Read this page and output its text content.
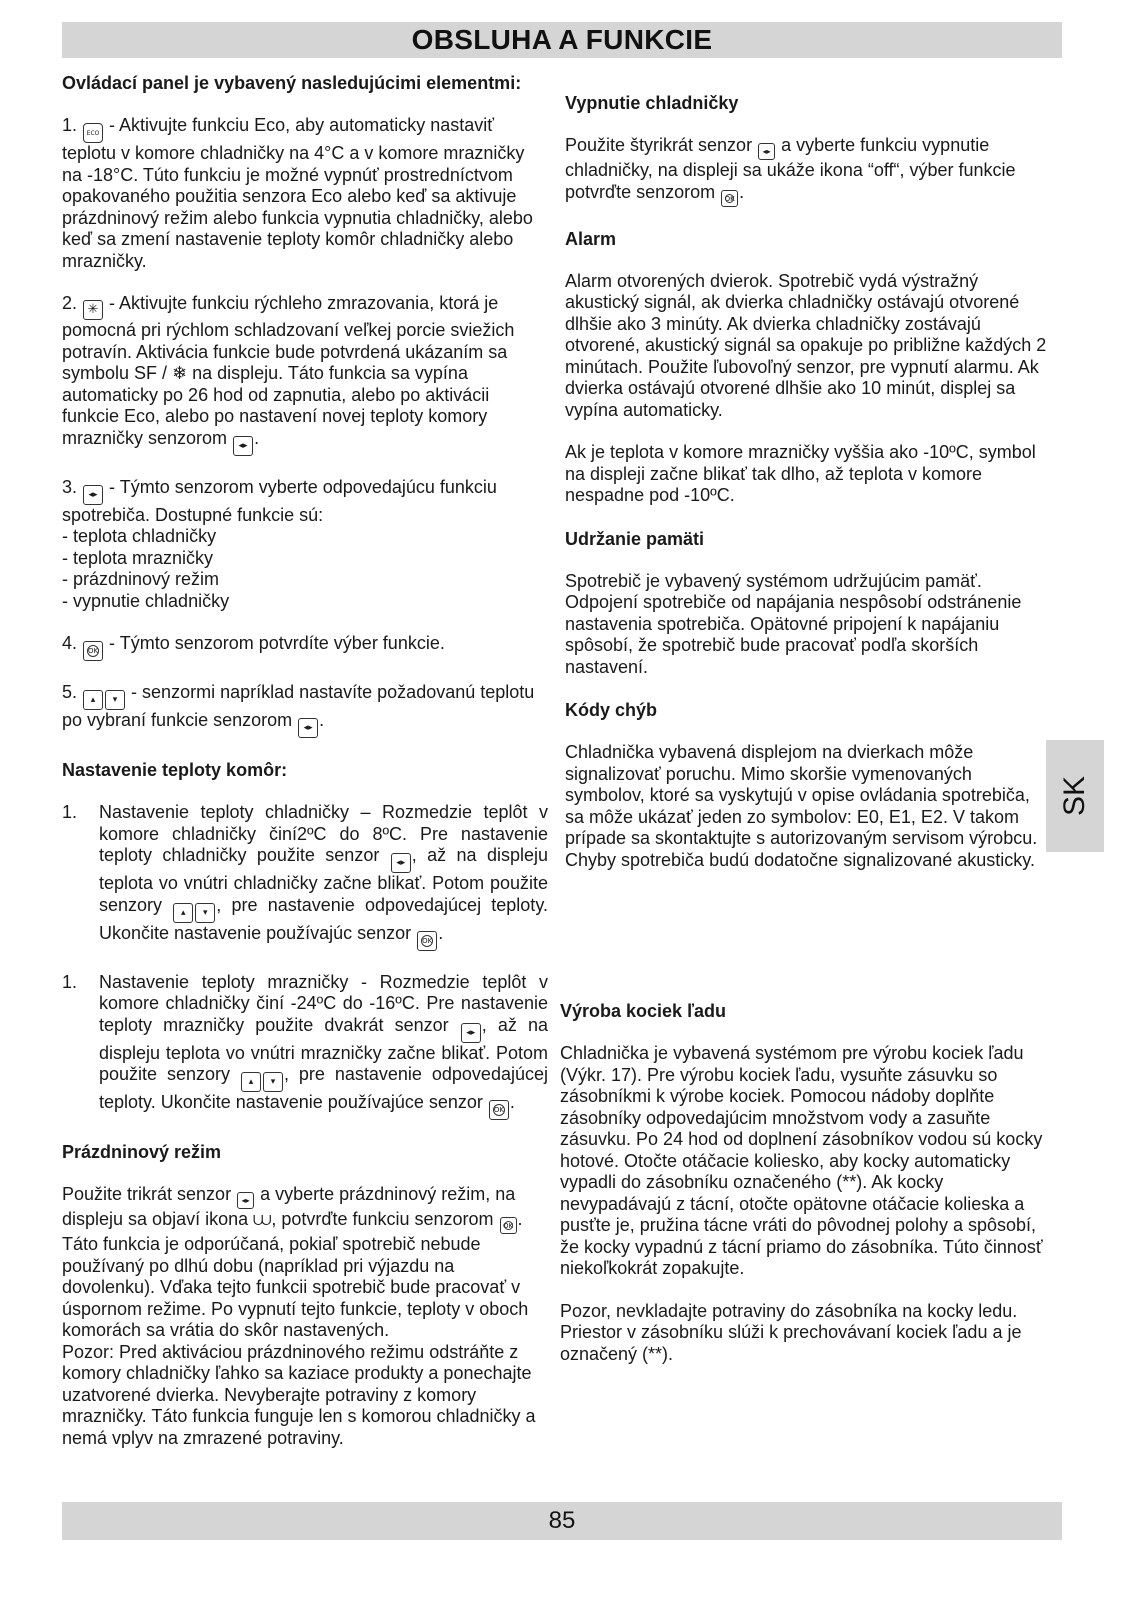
OBSLUHA A FUNKCIE
Ovládací panel je vybavený nasledujúcimi elementmi:

1. ECO - Aktivujte funkciu Eco, aby automaticky nastaviť teplotu v komore chladničky na 4°C a v komore mrazničky na -18°C. Túto funkciu je možné vypnúť prostredníctvom opakovaného použitia senzora Eco alebo keď sa aktivuje prázdninový režim alebo funkcia vypnutia chladničky, alebo keď sa zmení nastavenie teploty komôr chladničky alebo mrazničky.

2. ✳ - Aktivujte funkciu rýchleho zmrazovania, ktorá je pomocná pri rýchlom schladzovaní veľkej porcie sviežich potravín. Aktivácia funkcie bude potvrdená ukázaním sa symbolu SF / ❄ na displeju. Táto funkcia sa vypína automaticky po 26 hod od zapnutia, alebo po aktivácii funkcie Eco, alebo po nastavení novej teploty komory mrazničky senzorom ◂▸ .

3. ◂▸ - Týmto senzorom vyberte odpovedajúcu funkciu spotrebiča. Dostupné funkcie sú:

- teplota chladničky

- teplota mrazničky

- prázdninový režim

- vypnutie chladničky

4. OK - Týmto senzorom potvrdíte výber funkcie.

5. ▴ ▾ - senzormi napríklad nastavíte požadovanú teplotu po vybraní funkcie senzorom ◂▸ .

Nastavenie teploty komôr:
1.	Nastavenie teploty chladničky – Rozmedzie teplôt v komore chladničky činí2ºC do 8ºC. Pre nastavenie teploty chladničky použite senzor ◂▸ , až na displeju teplota vo vnútri chladničky začne blikať. Potom použite senzory ▴ ▾ , pre nastavenie odpovedajúcej teploty. Ukončite nastavenie používajúc senzor OK .

1.	Nastavenie teploty mrazničky - Rozmedzie teplôt v komore chladničky činí -24ºC do -16ºC. Pre nastavenie teploty mrazničky použite dvakrát senzor ◂▸ , až na displeju teplota vo vnútri mrazničky začne blikať. Potom použite senzory ▴ ▾ , pre nastavenie odpovedajúcej teploty. Ukončite nastavenie používajúce senzor OK .

Prázdninový režim

Použite trikrát senzor ◂▸ a vyberte prázdninový režim, na displeju sa objaví ikona ⩊, potvrďte funkciu senzorom OK . Táto funkcia je odporúčaná, pokiaľ spotrebič nebude používaný po dlhú dobu (napríklad pri výjazdu na dovolenku). Vďaka tejto funkcii spotrebič bude pracovať v úspornom režime. Po vypnutí tejto funkcie, teploty v oboch komorách sa vrátia do skôr nastavených.

Pozor: Pred aktiváciou prázdninového režimu odstráňte z komory chladničky ľahko sa kaziace produkty a ponechajte uzatvorené dvierka. Nevyberajte potraviny z komory mrazničky. Táto funkcia funguje len s komorou chladničky a nemá vplyv na zmrazené potraviny.

Vypnutie chladničky

Použite štyrikrát senzor ◂▸ a vyberte funkciu vypnutie chladničky, na displeji sa ukáže ikona “off“, výber funkcie potvrďte senzorom OK .

Alarm

Alarm otvorených dvierok. Spotrebič vydá výstražný akustický signál, ak dvierka chladničky ostávajú otvorené dlhšie ako 3 minúty. Ak dvierka chladničky zostávajú otvorené, akustický signál sa opakuje po približne každých 2 minútach. Použite ľubovoľný senzor, pre vypnutí alarmu. Ak dvierka ostávajú otvorené dlhšie ako 10 minút, displej sa vypína automaticky.

Ak je teplota v komore mrazničky vyššia ako -10ºC, symbol na displeji začne blikať tak dlho, až teplota v komore nespadne pod -10ºC.

Udržanie pamäti

Spotrebič je vybavený systémom udržujúcim pamäť. Odpojení spotrebiče od napájania nespôsobí odstránenie nastavenia spotrebiča. Opätovné pripojení k napájaniu spôsobí, že spotrebič bude pracovať podľa skorších nastavení.

Kódy chýb

Chladnička vybavená displejom na dvierkach môže signalizovať poruchu. Mimo skoršie vymenovaných symbolov, ktoré sa vyskytujú v opise ovládania spotrebiča, sa môže ukázať jeden zo symbolov: E0, E1, E2. V takom prípade sa skontaktujte s autorizovaným servisom výrobcu. Chyby spotrebiča budú dodatočne signalizované akusticky.

Výroba kociek ľadu

Chladnička je vybavená systémom pre výrobu kociek ľadu (Výkr. 17). Pre výrobu kociek ľadu, vysuňte zásuvku so zásobníkmi k výrobe kociek. Pomocou nádoby doplňte zásobníky odpovedajúcim množstvom vody a zasuňte zásuvku. Po 24 hod od doplnení zásobníkov vodou sú kocky hotové. Otočte otáčacie koliesko, aby kocky automaticky vypadli do zásobníku označeného (**). Ak kocky nevypadávajú z tácní, otočte opätovne otáčacie kolieska a pusťte je, pružina tácne vráti do pôvodnej polohy a spôsobí, že kocky vypadnú z tácní priamo do zásobníka. Túto činnosť niekoľkokrát zopakujte.

Pozor, nevkladajte potraviny do zásobníka na kocky ledu. Priestor v zásobníku slúži k prechovávaní kociek ľadu a je označený (**).

SK
85
